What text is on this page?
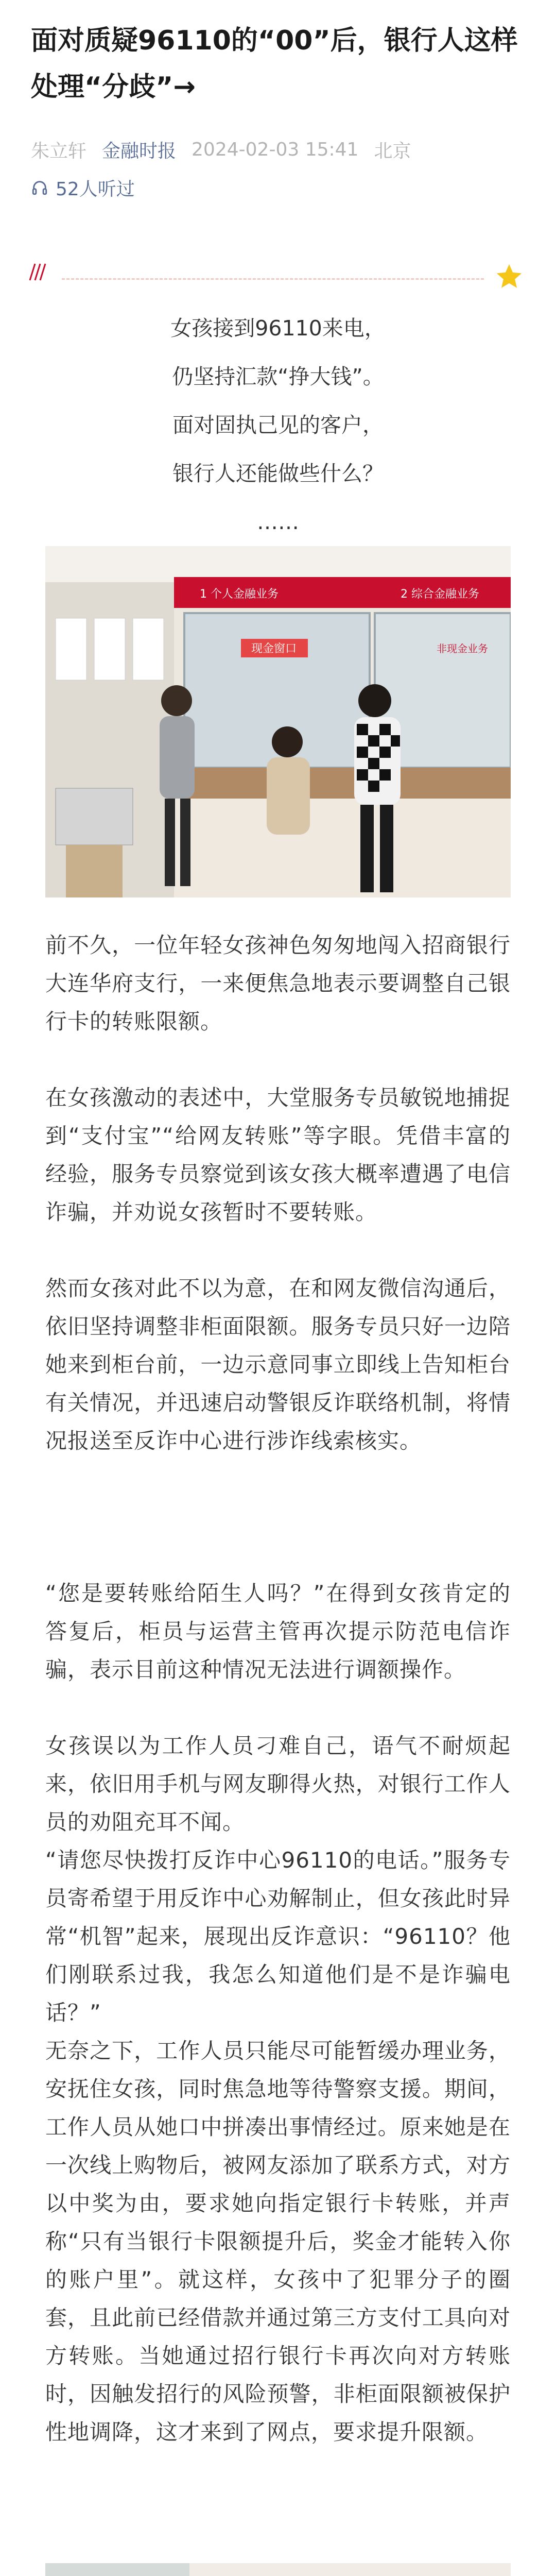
面对质疑96110的“00”后，银行人这样处理“分歧”→
朱立轩 金融时报 2024-02-03 15:41 北京
52人听过

女孩接到96110来电，

仍坚持汇款“挣大钱”。

面对固执己见的客户，

银行人还能做些什么？

……

1 个人金融业务	2 综合金融业务
现金窗口	非现金业务

前不久，一位年轻女孩神色匆匆地闯入招商银行大连华府支行，一来便焦急地表示要调整自己银行卡的转账限额。

在女孩激动的表述中，大堂服务专员敏锐地捕捉到“支付宝”“给网友转账”等字眼。凭借丰富的经验，服务专员察觉到该女孩大概率遭遇了电信诈骗，并劝说女孩暂时不要转账。

然而女孩对此不以为意，在和网友微信沟通后，依旧坚持调整非柜面限额。服务专员只好一边陪她来到柜台前，一边示意同事立即线上告知柜台有关情况，并迅速启动警银反诈联络机制，将情况报送至反诈中心进行涉诈线索核实。

“您是要转账给陌生人吗？”在得到女孩肯定的答复后，柜员与运营主管再次提示防范电信诈骗，表示目前这种情况无法进行调额操作。

女孩误以为工作人员刁难自己，语气不耐烦起来，依旧用手机与网友聊得火热，对银行工作人员的劝阻充耳不闻。

“请您尽快拨打反诈中心96110的电话。”服务专员寄希望于用反诈中心劝解制止，但女孩此时异常“机智”起来，展现出反诈意识：“96110？他们刚联系过我，我怎么知道他们是不是诈骗电话？”

无奈之下，工作人员只能尽可能暂缓办理业务，安抚住女孩，同时焦急地等待警察支援。期间，工作人员从她口中拼凑出事情经过。原来她是在一次线上购物后，被网友添加了联系方式，对方以中奖为由，要求她向指定银行卡转账，并声称“只有当银行卡限额提升后，奖金才能转入你的账户里”。就这样，女孩中了犯罪分子的圈套，且此前已经借款并通过第三方支付工具向对方转账。当她通过招行银行卡再次向对方转账时，因触发招行的风险预警，非柜面限额被保护性地调降，这才来到了网点，要求提升限额。
